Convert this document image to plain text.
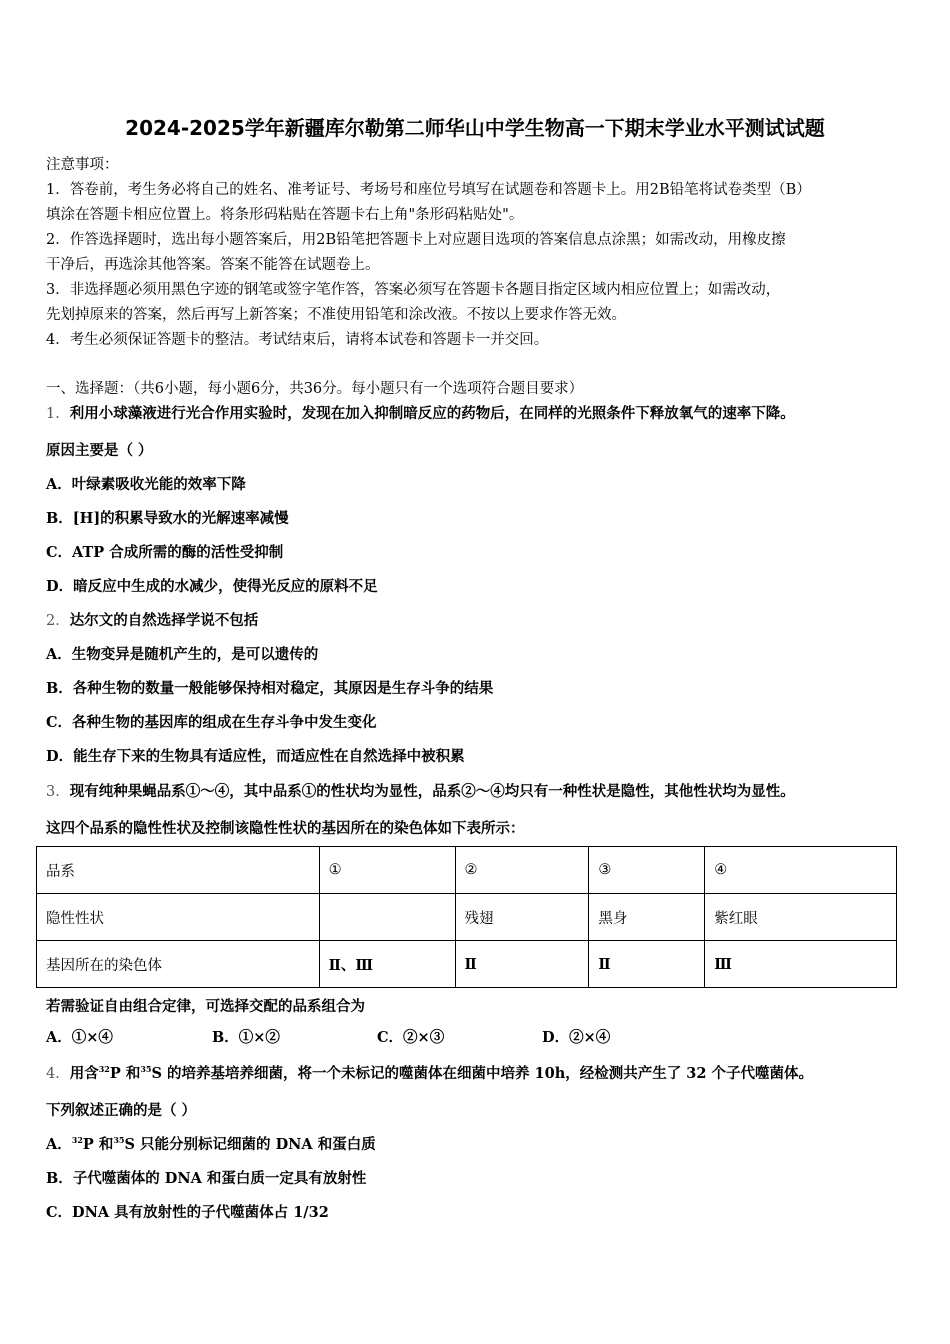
2024-2025学年新疆库尔勒第二师华山中学生物高一下期末学业水平测试试题
注意事项：
1．答卷前，考生务必将自己的姓名、准考证号、考场号和座位号填写在试题卷和答题卡上。用2B铅笔将试卷类型（B）
填涂在答题卡相应位置上。将条形码粘贴在答题卡右上角"条形码粘贴处"。
2．作答选择题时，选出每小题答案后，用2B铅笔把答题卡上对应题目选项的答案信息点涂黑；如需改动，用橡皮擦
干净后，再选涂其他答案。答案不能答在试题卷上。
3．非选择题必须用黑色字迹的钢笔或签字笔作答，答案必须写在答题卡各题目指定区域内相应位置上；如需改动，
先划掉原来的答案，然后再写上新答案；不准使用铅笔和涂改液。不按以上要求作答无效。
4．考生必须保证答题卡的整洁。考试结束后，请将本试卷和答题卡一并交回。
一、选择题：（共6小题，每小题6分，共36分。每小题只有一个选项符合题目要求）
1．利用小球藻液进行光合作用实验时，发现在加入抑制暗反应的药物后，在同样的光照条件下释放氧气的速率下降。
原因主要是（ ）
A．叶绿素吸收光能的效率下降
B．[H]的积累导致水的光解速率减慢
C．ATP 合成所需的酶的活性受抑制
D．暗反应中生成的水减少，使得光反应的原料不足
2．达尔文的自然选择学说不包括
A．生物变异是随机产生的，是可以遗传的
B．各种生物的数量一般能够保持相对稳定，其原因是生存斗争的结果
C．各种生物的基因库的组成在生存斗争中发生变化
D．能生存下来的生物具有适应性，而适应性在自然选择中被积累
3．现有纯种果蝇品系①～④，其中品系①的性状均为显性，品系②～④均只有一种性状是隐性，其他性状均为显性。
这四个品系的隐性性状及控制该隐性性状的基因所在的染色体如下表所示：
品系	①	②	③	④
隐性性状		残翅	黑身	紫红眼
基因所在的染色体	Ⅱ、Ⅲ	Ⅱ	Ⅱ	Ⅲ
若需验证自由组合定律，可选择交配的品系组合为
A．①×④	B．①×②	C．②×③	D．②×④
4．用含$^{32}$P 和$^{35}$S 的培养基培养细菌，将一个未标记的噬菌体在细菌中培养 10h，经检测共产生了 32 个子代噬菌体。
下列叙述正确的是（ ）
A．$^{32}$P 和$^{35}$S 只能分别标记细菌的 DNA 和蛋白质
B．子代噬菌体的 DNA 和蛋白质一定具有放射性
C．DNA 具有放射性的子代噬菌体占 1/32
